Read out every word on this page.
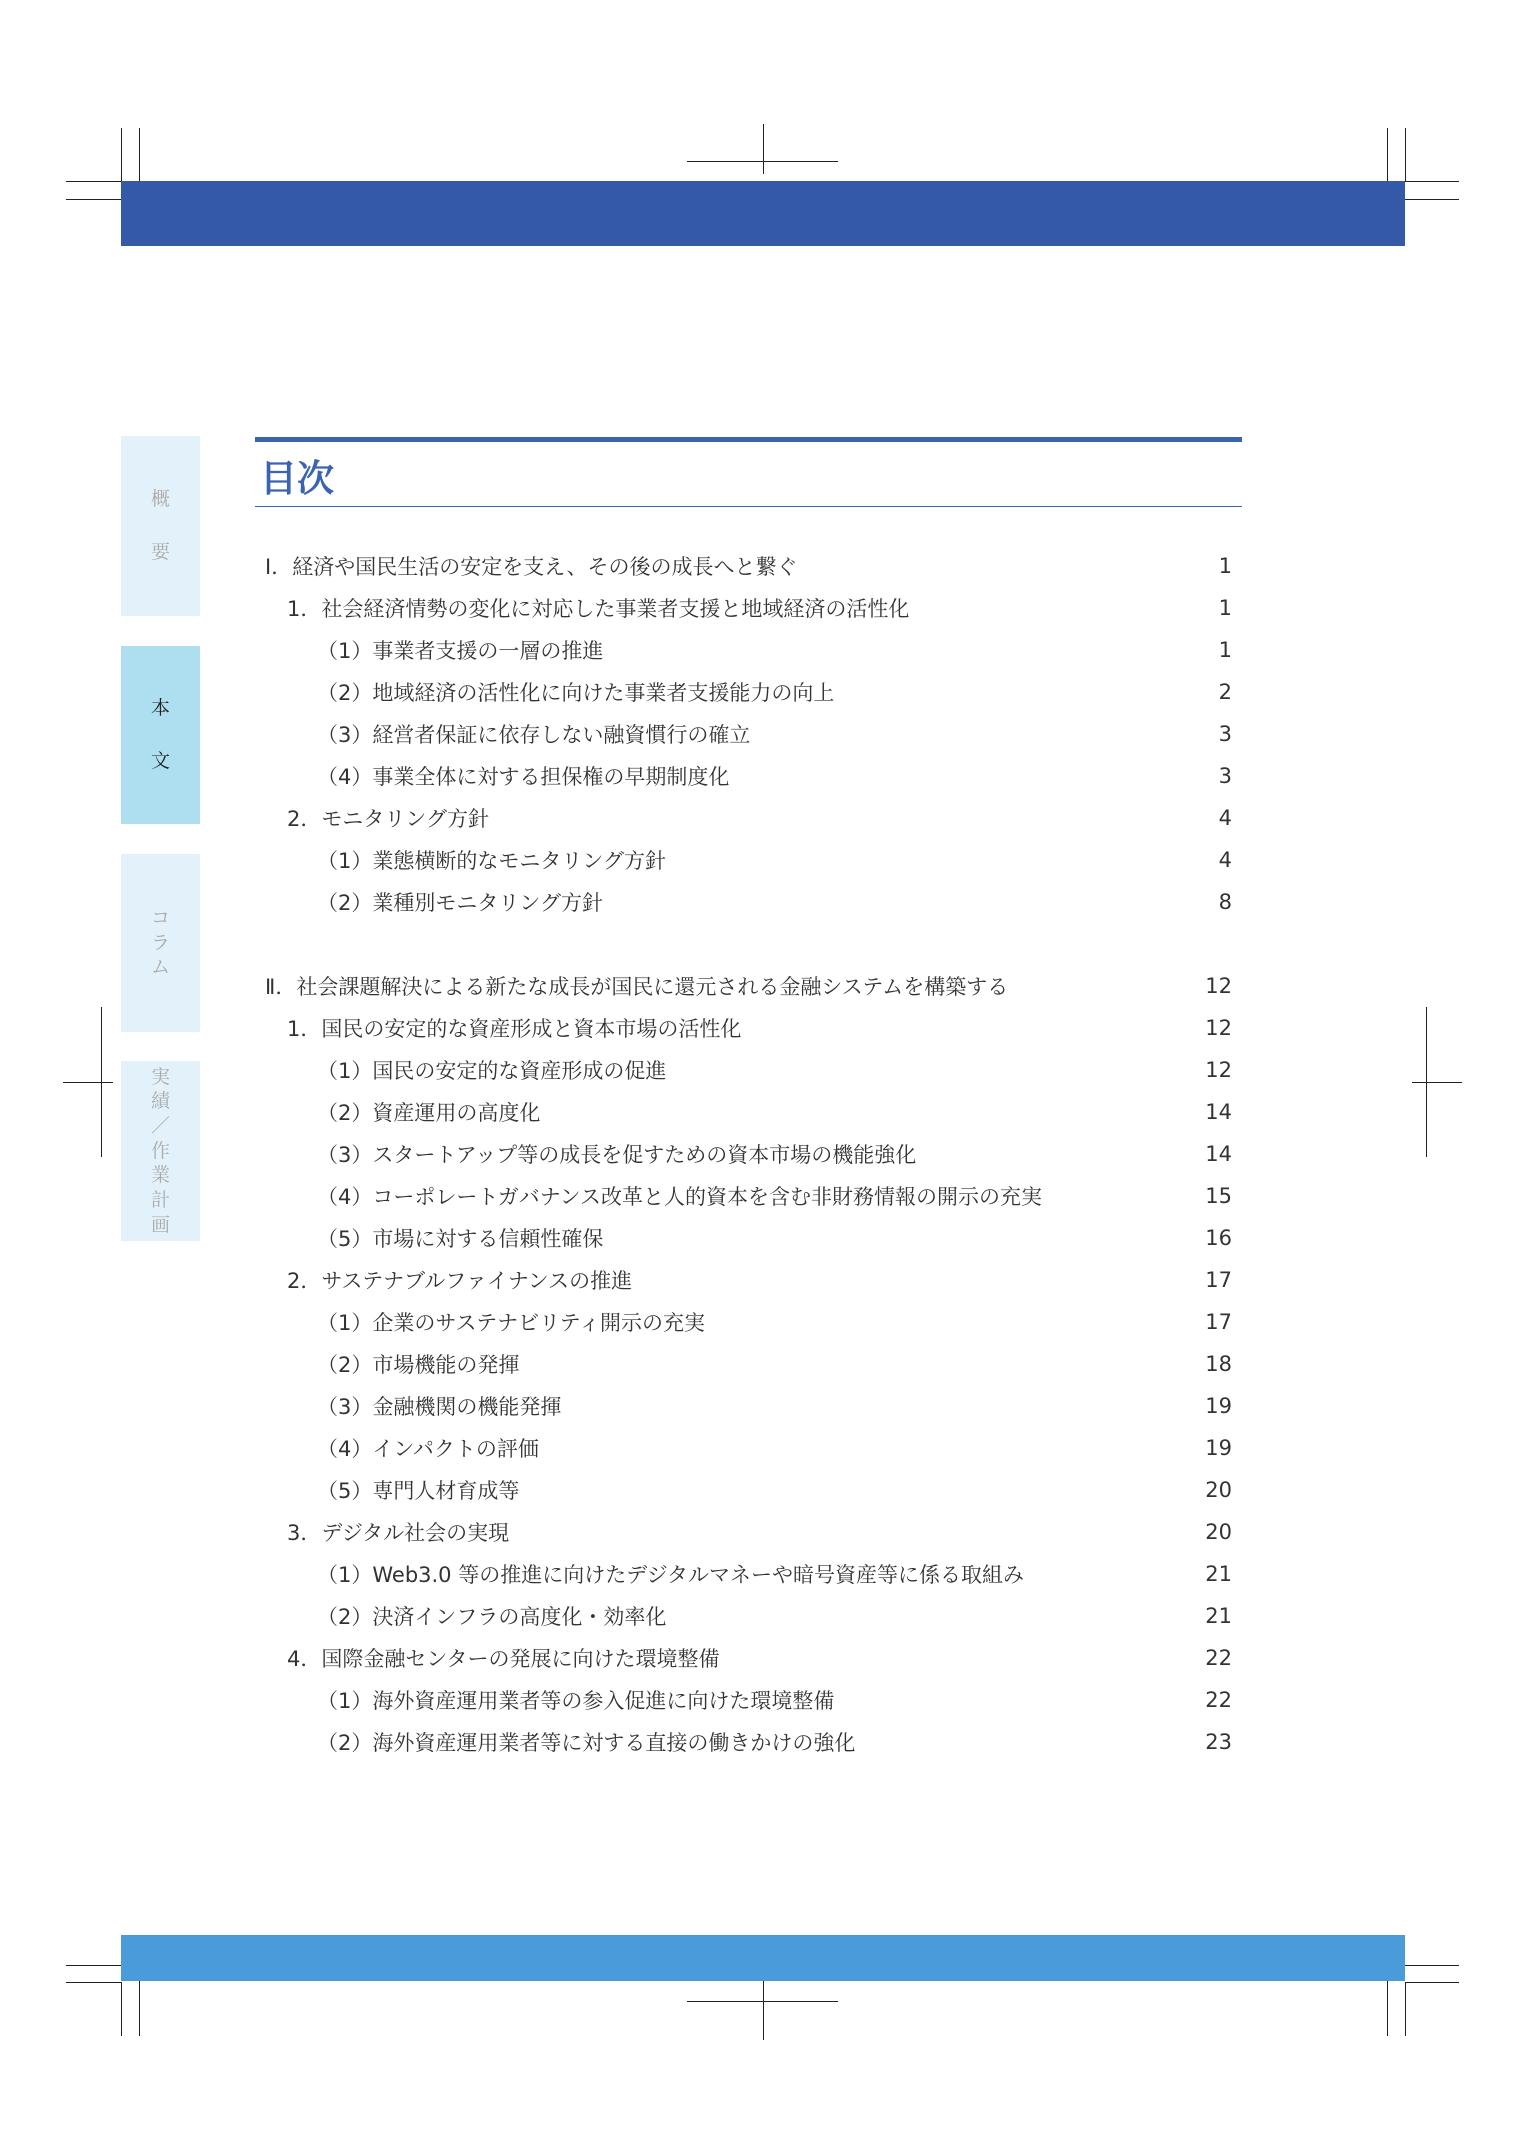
概
要
本
文
コ
ラ
ム
実
績
／
作
業
計
画
目次
Ⅰ．経済や国民生活の安定を支え、その後の成長へと繋ぐ	1
1．社会経済情勢の変化に対応した事業者支援と地域経済の活性化	1
（1）事業者支援の一層の推進	1
（2）地域経済の活性化に向けた事業者支援能力の向上	2
（3）経営者保証に依存しない融資慣行の確立	3
（4）事業全体に対する担保権の早期制度化	3
2．モニタリング方針	4
（1）業態横断的なモニタリング方針	4
（2）業種別モニタリング方針	8
Ⅱ．社会課題解決による新たな成長が国民に還元される金融システムを構築する	12
1．国民の安定的な資産形成と資本市場の活性化	12
（1）国民の安定的な資産形成の促進	12
（2）資産運用の高度化	14
（3）スタートアップ等の成長を促すための資本市場の機能強化	14
（4）コーポレートガバナンス改革と人的資本を含む非財務情報の開示の充実	15
（5）市場に対する信頼性確保	16
2．サステナブルファイナンスの推進	17
（1）企業のサステナビリティ開示の充実	17
（2）市場機能の発揮	18
（3）金融機関の機能発揮	19
（4）インパクトの評価	19
（5）専門人材育成等	20
3．デジタル社会の実現	20
（1）Web3.0 等の推進に向けたデジタルマネーや暗号資産等に係る取組み	21
（2）決済インフラの高度化・効率化	21
4．国際金融センターの発展に向けた環境整備	22
（1）海外資産運用業者等の参入促進に向けた環境整備	22
（2）海外資産運用業者等に対する直接の働きかけの強化	23
